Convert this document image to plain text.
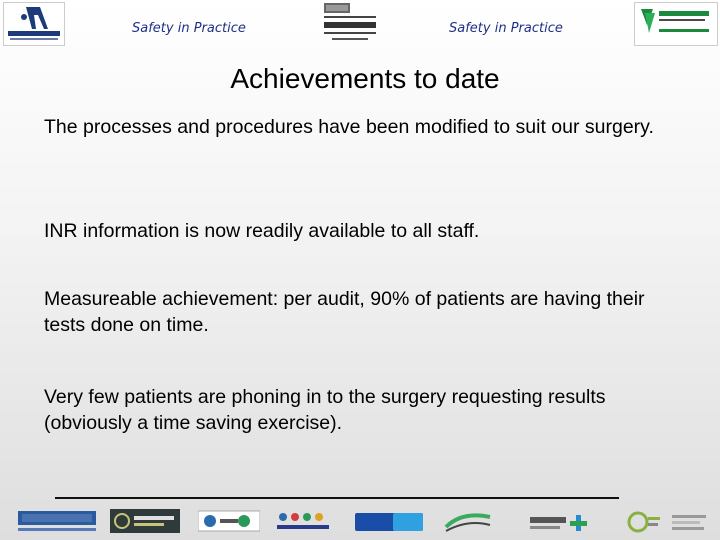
Safety in Practice	Safety in Practice
Achievements to date

The processes and procedures have been modified to suit our surgery.

INR information is now readily available to all staff.

Measureable achievement: per audit, 90% of patients are having their tests done on time.

Very few patients are phoning in to the surgery requesting results (obviously a time saving exercise).
